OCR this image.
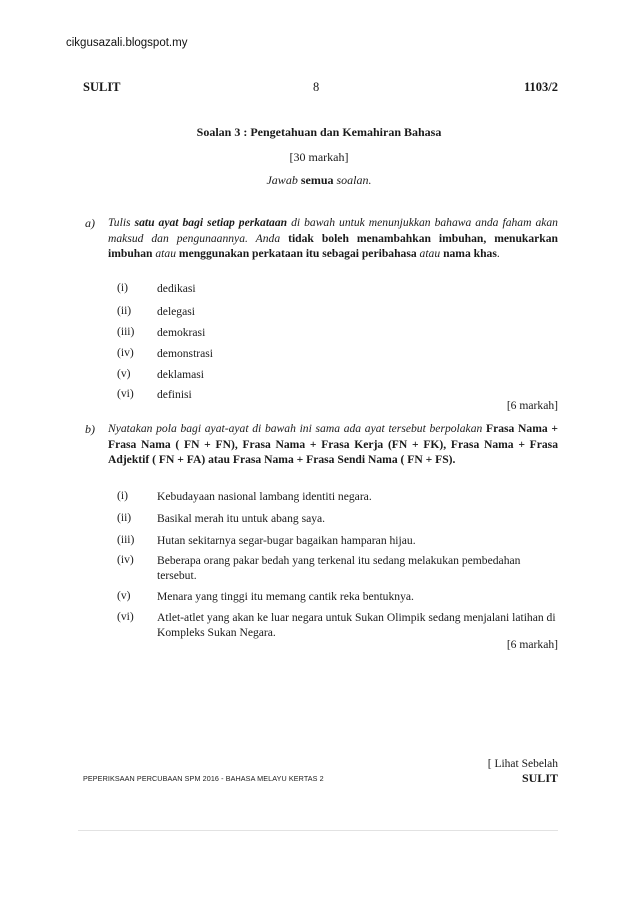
cikgusazali.blogspot.my
SULIT	8	1103/2
Soalan 3 : Pengetahuan dan Kemahiran Bahasa
[30 markah]
Jawab semua soalan.
a) Tulis satu ayat bagi setiap perkataan di bawah untuk menunjukkan bahawa anda faham akan maksud dan pengunaannya. Anda tidak boleh menambahkan imbuhan, menukarkan imbuhan atau menggunakan perkataan itu sebagai peribahasa atau nama khas.
(i)	dedikasi
(ii) delegasi
(iii) demokrasi
(iv) demonstrasi
(v) deklamasi
(vi) definisi
[6 markah]
b) Nyatakan pola bagi ayat-ayat di bawah ini sama ada ayat tersebut berpolakan Frasa Nama + Frasa Nama ( FN + FN), Frasa Nama + Frasa Kerja (FN + FK), Frasa Nama + Frasa Adjektif ( FN + FA) atau Frasa Nama + Frasa Sendi Nama ( FN + FS).
(i)	Kebudayaan nasional lambang identiti negara.
(ii) Basikal merah itu untuk abang saya.
(iii) Hutan sekitarnya segar-bugar bagaikan hamparan hijau.
(iv) Beberapa orang pakar bedah yang terkenal itu sedang melakukan pembedahan tersebut.
(v) Menara yang tinggi itu memang cantik reka bentuknya.
(vi) Atlet-atlet yang akan ke luar negara untuk Sukan Olimpik sedang menjalani latihan di Kompleks Sukan Negara.
[6 markah]
[ Lihat Sebelah
SULIT
PEPERIKSAAN PERCUBAAN SPM 2016 - BAHASA MELAYU KERTAS 2
